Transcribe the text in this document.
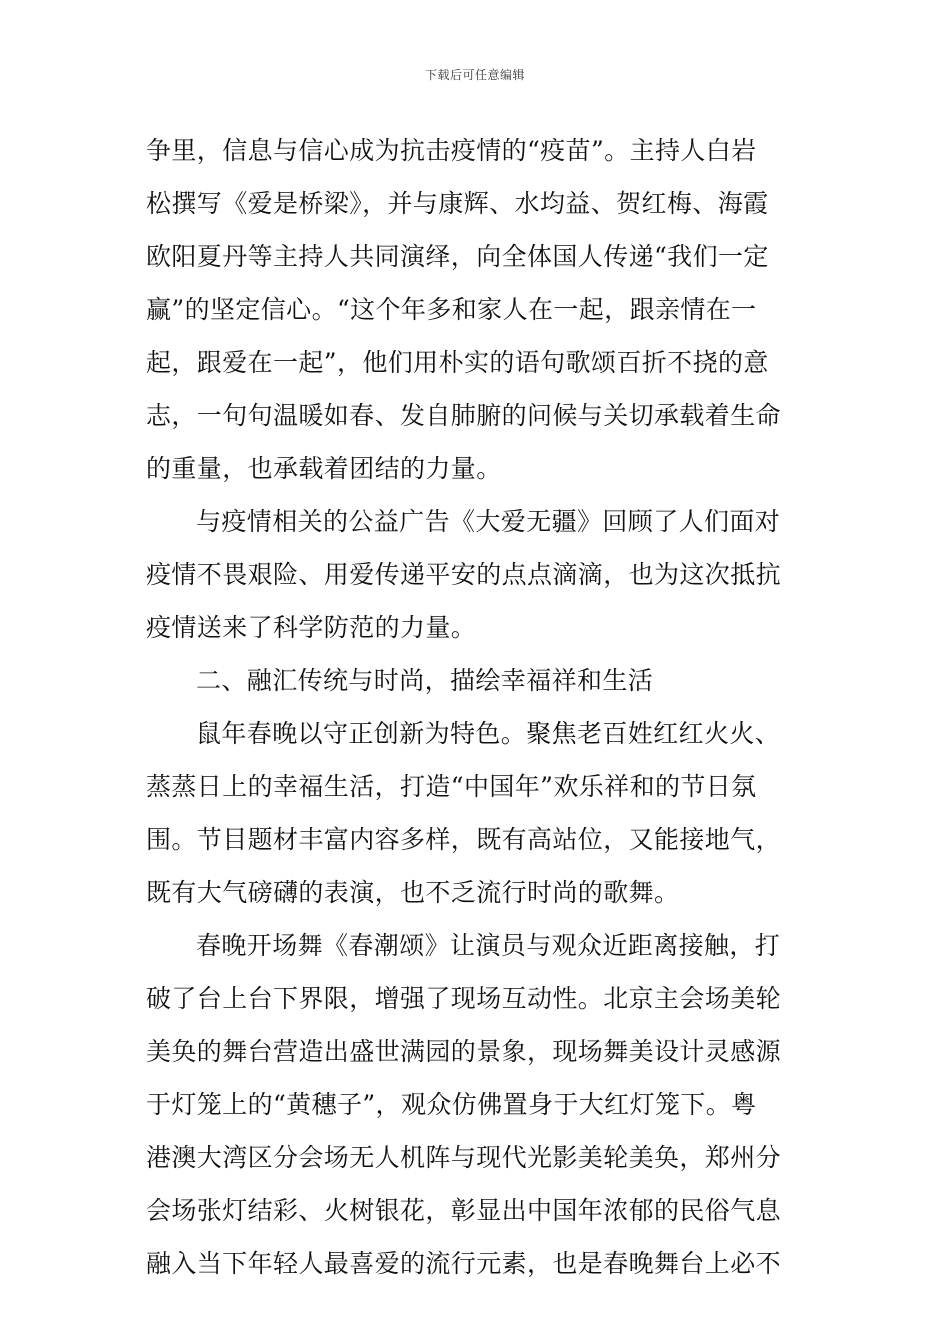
下载后可任意编辑
争里，信息与信心成为抗击疫情的“疫苗”。主持人白岩
松撰写《爱是桥梁》，并与康辉、水均益、贺红梅、海霞
欧阳夏丹等主持人共同演绎，向全体国人传递“我们一定
赢”的坚定信心。“这个年多和家人在一起，跟亲情在一
起，跟爱在一起”，他们用朴实的语句歌颂百折不挠的意
志，一句句温暖如春、发自肺腑的问候与关切承载着生命
的重量，也承载着团结的力量。
与疫情相关的公益广告《大爱无疆》回顾了人们面对
疫情不畏艰险、用爱传递平安的点点滴滴，也为这次抵抗
疫情送来了科学防范的力量。
二、融汇传统与时尚，描绘幸福祥和生活
鼠年春晚以守正创新为特色。聚焦老百姓红红火火、
蒸蒸日上的幸福生活，打造“中国年”欢乐祥和的节日氛
围。节目题材丰富内容多样，既有高站位，又能接地气，
既有大气磅礴的表演，也不乏流行时尚的歌舞。
春晚开场舞《春潮颂》让演员与观众近距离接触，打
破了台上台下界限，增强了现场互动性。北京主会场美轮
美奂的舞台营造出盛世满园的景象，现场舞美设计灵感源
于灯笼上的“黄穗子”，观众仿佛置身于大红灯笼下。粤
港澳大湾区分会场无人机阵与现代光影美轮美奂，郑州分
会场张灯结彩、火树银花，彰显出中国年浓郁的民俗气息
融入当下年轻人最喜爱的流行元素，也是春晚舞台上必不
